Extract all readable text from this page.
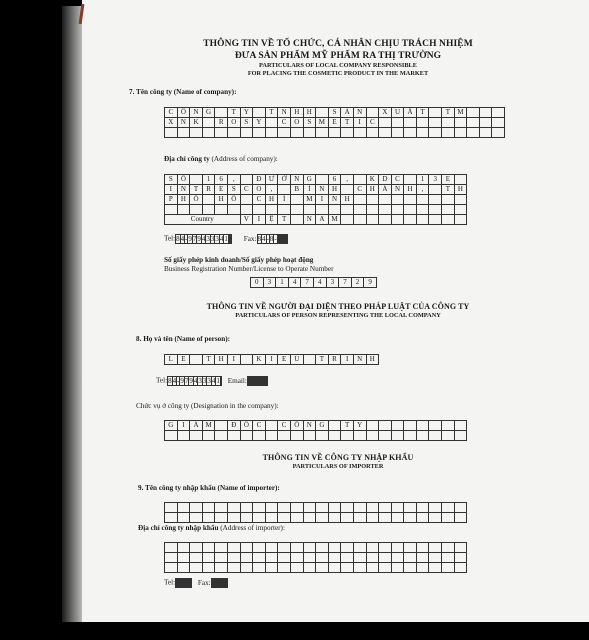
THÔNG TIN VỀ TỔ CHỨC, CÁ NHÂN CHỊU TRÁCH NHIỆM
ĐƯA SẢN PHẨM MỸ PHẨM RA THỊ TRƯỜNG
PARTICULARS OF LOCAL COMPANY RESPONSIBLE
FOR PLACING THE COSMETIC PRODUCT IN THE MARKET
7. Tên công ty (Name of company):
C	Ô	N	G	T	Y	T	N	H	H	S	Ả	N	X	U	Ấ	T	T	M
X	N	K	R	O	S	Y	C	O	S	M	E	T	I	C
Địa chỉ công ty (Address of company):
S	Ố	1	6	,	Đ	Ư	Ờ	N	G	6	,	K	D	C	1	3	E
I	N	T	R	E	S	C	O	,	B	Ì	N	H	C	H	Á	N	H	,	T	H
P	H	Ố	H	Ồ	C	H	Í	M	I	N	H
Country	V	I	Ệ	T	N	A M
Tel:84-979433341 Fax:84-8-
Số giấy phép kinh doanh/Số giấy phép hoạt động
Business Registration Number/License to Operate Number
0	3	1	4	7	4	3	7	2	9
THÔNG TIN VỀ NGƯỜI ĐẠI DIỆN THEO PHÁP LUẬT CỦA CÔNG TY
PARTICULARS OF PERSON REPRESENTING THE LOCAL COMPANY
8. Họ và tên (Name of person):
L	E	T	H	I	K	I	E	U	T	R	I	N	H
Tel:84-979433341 Email:
Chức vụ ở công ty (Designation in the company):
G	I	Á M	Đ	Ố	C	C	Ô	N	G	T	Y
THÔNG TIN VỀ CÔNG TY NHẬP KHẨU
PARTICULARS OF IMPORTER
9. Tên công ty nhập khẩu (Name of importer):
Địa chỉ công ty nhập khẩu (Address of importer):
Tel:	Fax:
